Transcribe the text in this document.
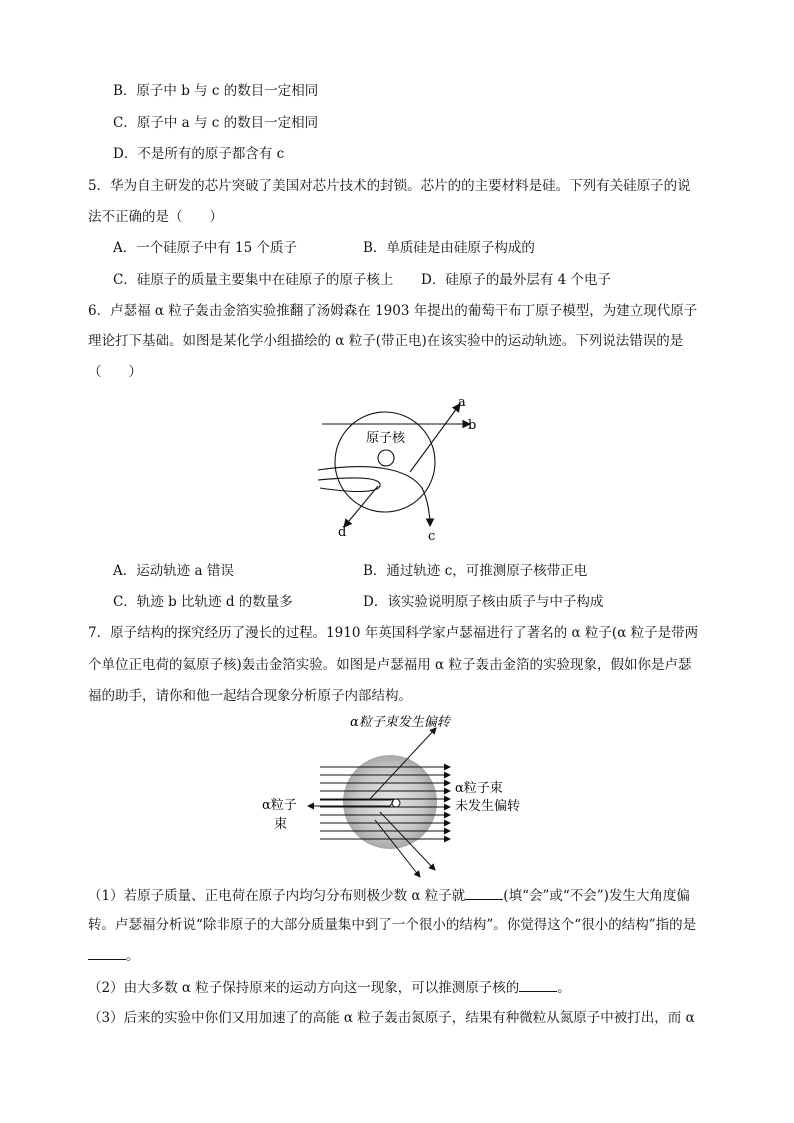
B．原子中 b 与 c 的数目一定相同
C．原子中 a 与 c 的数目一定相同
D．不是所有的原子都含有 c
5．华为自主研发的芯片突破了美国对芯片技术的封锁。芯片的的主要材料是硅。下列有关硅原子的说
法不正确的是（　　）
A．一个硅原子中有 15 个质子	B．单质硅是由硅原子构成的
C．硅原子的质量主要集中在硅原子的原子核上 D．硅原子的最外层有 4 个电子
6．卢瑟福 α 粒子轰击金箔实验推翻了汤姆森在 1903 年提出的葡萄干布丁原子模型，为建立现代原子
理论打下基础。如图是某化学小组描绘的 α 粒子(带正电)在该实验中的运动轨迹。下列说法错误的是
（　　）
原子核
a
b
c
d
A．运动轨迹 a 错误	B．通过轨迹 c，可推测原子核带正电
C．轨迹 b 比轨迹 d 的数量多	D．该实验说明原子核由质子与中子构成
7．原子结构的探究经历了漫长的过程。1910 年英国科学家卢瑟福进行了著名的 α 粒子(α 粒子是带两
个单位正电荷的氦原子核)轰击金箔实验。如图是卢瑟福用 α 粒子轰击金箔的实验现象，假如你是卢瑟
福的助手，请你和他一起结合现象分析原子内部结构。
α粒子束发生偏转
α粒子束
未发生偏转
α粒子
束
（1）若原子质量、正电荷在原子内均匀分布则极少数 α 粒子就	(填“会”或“不会”)发生大角度偏
转。卢瑟福分析说“除非原子的大部分质量集中到了一个很小的结构”。你觉得这个“很小的结构”指的是
。
（2）由大多数 α 粒子保持原来的运动方向这一现象，可以推测原子核的	。
（3）后来的实验中你们又用加速了的高能 α 粒子轰击氮原子，结果有种微粒从氮原子中被打出，而 α
